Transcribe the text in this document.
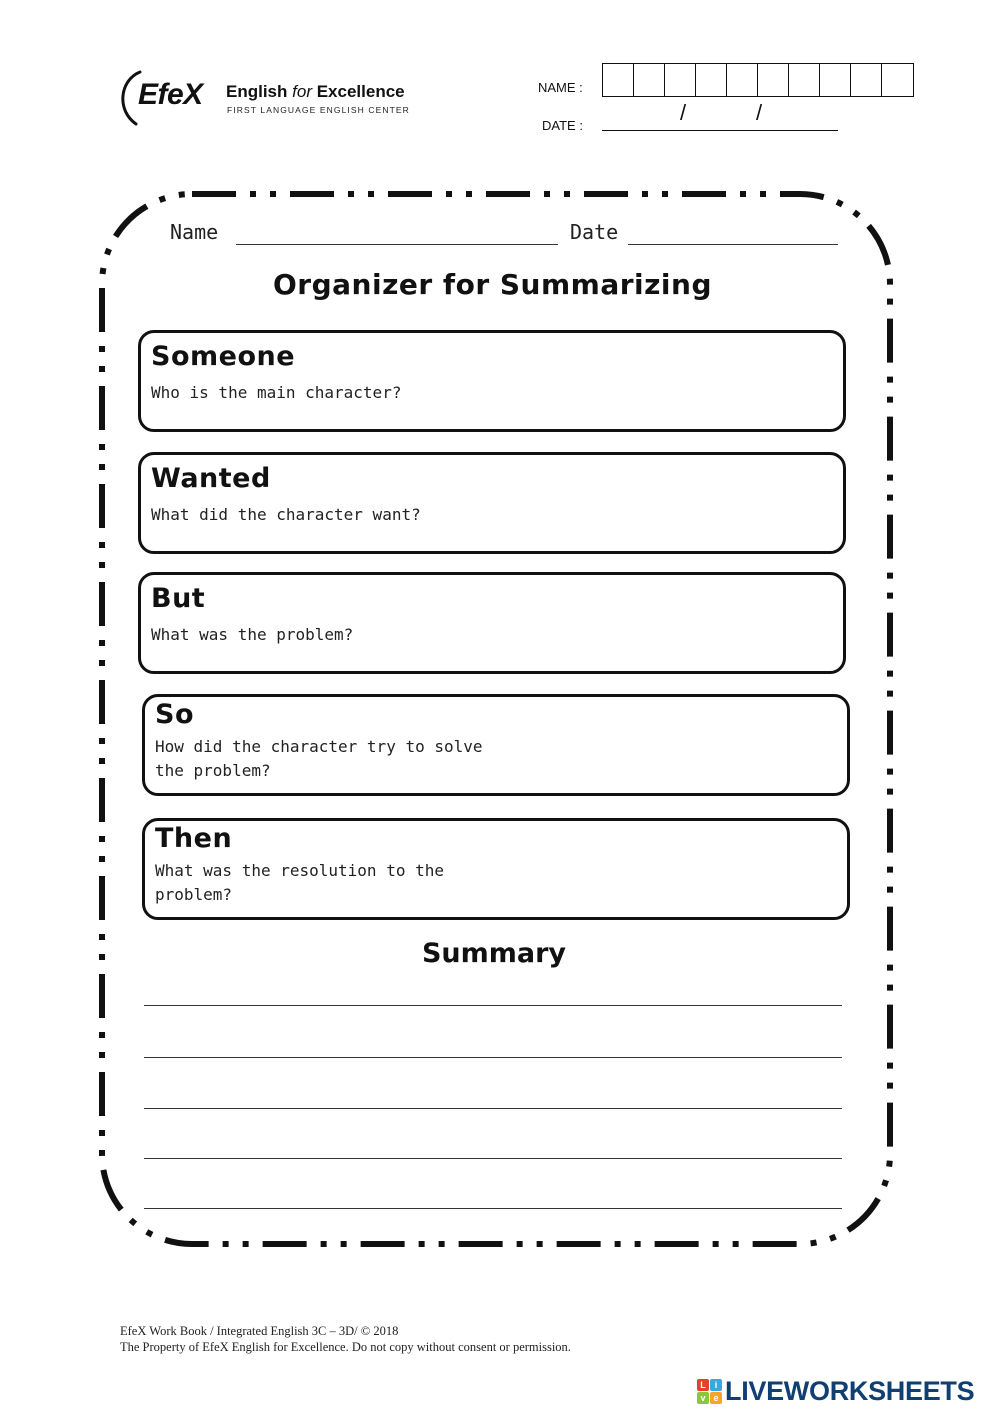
EfeX English for Excellence
FIRST LANGUAGE ENGLISH CENTER
NAME :
DATE :
/	/
Name	Date
Organizer for Summarizing
Someone
Who is the main character?
Wanted
What did the character want?
But
What was the problem?
So
How did the character try to solve the problem?
Then
What was the resolution to the problem?
Summary
EfeX Work Book / Integrated English 3C – 3D/ © 2018
The Property of EfeX English for Excellence. Do not copy without consent or permission.
L i
v e LIVEWORKSHEETS
